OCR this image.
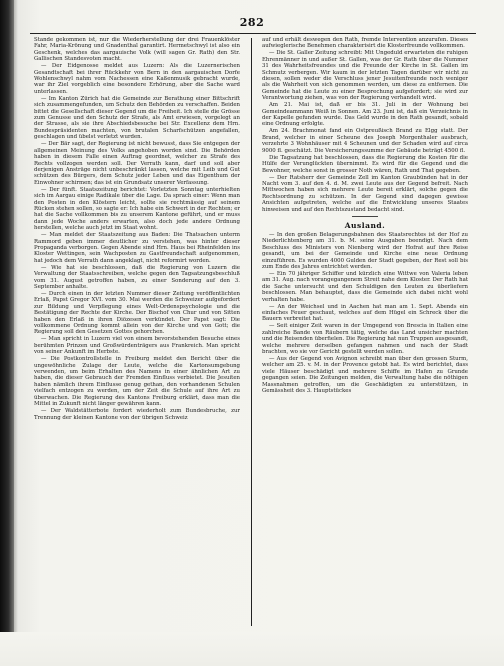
282

Stande gekommen ist, nur die Wiederherstellung der drei Frauenklöster Fahr, Maria-Krönung und Gnadenthal garantirt. Hermetschwyl ist also ein Geschenk, welches das aargauische Volk (will sagen Gr. Rath) den Str. Gallischen Standesvoten macht.

— Der Eidgenosse meldet aus Luzern: Als die Luzernerischen Gesandtschaft bei ihrer Rückkehr von Bern in den aargauischen Dorfe Wohlenschwyl nahm vom Nachessen eine Kaßenmusik gebracht wurde, war ihr Ziel vorgeblich eine besondere Erhörung, aber die Sache ward unterlassen.

— Im Kanton Zürich hat die Gemeinde zur Berathung einer Bittschrift sich zusammengefunden, um Schutz den Behörden zu verschaffen. Beiden bittet die Gesellschaft dieser Gegend um die Freiheit. Ich stelle die Grösse zum Genusse und den Schutz der Strafe, als Amt erwiesen, vorgelegt an der Strasse, als sie ihre Abschiedsbesuche bei Str. Excellenz dem Hrn. Bundespräsidenten machten, von brutalen Scharfschützen angefallen, geschlagen und übelst verletzt wurden.

— Der Bär sagt, der Regierung ist nicht bewusst, dass Sie entgegen der allgemeinen Meinung des Volks angehoben worden sind. Die Behörden haben in diesem Falle einen Auftrag geordnet, welcher zu Strafe des Rechts vollzogen werden soll. Der Verrath kann, darf und soll aber derjenigen Ansträge nicht unbeschränkt lassen, welche mit Leib und Gut schützen des Bürgers, dem Schutz jeder Leben und das Eigenthum der Einwohner schirmen; das ist ein Grundsatz unserer Verfassung.

— Der fünft. Staatszeitung berichtet: Vorletzten Sonntag unterhielten sich im Aargau einige Radikale über die Lage. Da sprach einer: Wenn man den Posten in den Klöstern leicht, sollte sie rechtmässig auf seinem Rücken stehen sollen, so sagte er: Ich habe ein Schwert in der Rechten; er hat die Sache vollkommen bis zu unserem Kantone geführt, und er muss dann jede Woche anders erwarten, also doch jede andere Ordnung herstellen, welche auch jetzt im Staat wohnt.

— Man meldet der Staatszeitung aus Baden: Die Thatsachen unterm Rammord geben immer deutlicher zu verstehen, was hinter dieser Propaganda verborgen. Gegen Abende sind Hrn. Haus bei Rheinfelden ins Kloster Wettingen, sein Wachposten zu Gastfreundschaft aufgenommen, hat jedoch dem Verrath dann angeklagt, nicht reformirt worden.

— Wie hat sie beschlossen, daß die Regierung von Luzern die Verwaltung der Staatsschreiben, welche gegen den Tagsatzungsbeschluß vom 31. August getroffen haben, zu einer Sonderung auf den 3. September anhalte.

— Durch einen in der letzten Nummer dieser Zeitung veröffentlichten Erlaß, Papst Gregor XVI. vom 30. Mai werden die Schweizer aufgefordert zur Bildung und Verpflegung eines Welt-Ordenspsychologie und die Bestätigung der Rechte der Kirche. Der Bischof von Chur und von Sitten haben den Erlaß in ihren Diözesen verkündet. Der Papst sagt: Die vollkommene Ordnung kommt allein von der Kirche und von Gott; die Regierung soll den Gesetzen Gottes gehorchen.

— Man spricht in Luzern viel von einem bevorstehenden Besuche eines berühmten Prinzen und Großwürdenträgers aus Frankreich. Man spricht von seiner Ankunft im Herbste.

— Die Postkontrollstelle in Freiburg meldet den Bericht über die ungewöhnliche Zulage der Leute, welche die Kartonsumgebung verwenden, um beim Erhalten des Namens in einer ähnlichen Art zu haben, die dieser Gebrauch der Fremden Einfluss verbietet. Die Jesuiten haben nämlich ihrem Einflusse genug gethan, den vorhandenen Schulen vielfach entzogen zu werden, um der Zeit die Schule auf ihre Art zu überwachen. Die Regierung des Kantons Freiburg erklärt, dass man die Mittel in Zukunft nicht länger gewähren kann.

— Der Waldstätterbote fordert wiederholt zum Bundesbruche, zur Trennung der kleinen Kantone von der übrigen Schweiz

auf und erhält deswegen den Rath, fremde Intervention anzurufen. Dieses aufwieglerische Benehmen charakterisirt die Klosterfreunde vollkommen.

— Die St. Galler Zeitung schreibt: Mit Ungeduld erwarteten die ruhigen Ehrenmänner in und außer St. Gallen, was der Gr. Rath über die Nummer 31 des Wahrheitsfreundes und die Freunde der Kirche in St. Gallen im Schmutz verbergen. Wir kaum in der letzten Tagen darüber wir nicht zu diesen, sollen weder die Verschluss jener Jesuitenfreunde noch weniger als die Wahrheit von sich genommen werden, um diese zu entfernen. Die Gemeinde hat die Leute zu einer Besprechung aufgefordert; sie wird zur Verantwortung ziehen, was von der Regierung verhandelt wird.

Am 21. Mai ist, daß er bis 31. Juli in der Wohnung bei Gemeindeammann Weiß in Sonnen. Am 23. Juni ist, daß ein Verzeichnis in der Kapelle gefunden wurde. Das Geld wurde in den Rath gesandt, sobald eine Ordnung erfolgte.

Am 24. Brachmonat fand ein Ostpreußisch Brand zu Elgg statt. Der Brand, welcher in einer Scheune des Joseph Morgenthaler ausbrach, verzehrte 3 Wohnhäuser mit 4 Scheunen und der Schaden wird auf circa 9000 fl. geschätzt. Die Versicherungssumme der Gebäude beträgt 4500 fl.

Die Tagsatzung hat beschlossen, dass die Regierung die Kosten für die Hülfe der Verunglückten übernimmt. Es wird für die Gegend und die Bewohner, welche sonst in grosser Noth wären, Rath und That gegeben.

— Der Ratsherr der Gemeinde Zell im Kanton Graubünden hat in der Nacht vom 3. auf den 4. d. M. zwei Leute aus der Gegend befreit. Nach Mittwochen haben sich mehrere Leute bereit erklärt, solche gegen die Rechtsordnung zu schützen. In der Gegend sind dagegen gewisse Ansichten aufgetreten, welche auf die Entwicklung unseres Staates hinweisen und auf den Rechtszustand bedacht sind.

Ausland.

— In den großen Belagerungsbahnen des Staatsrechtes ist der Hof zu Niederlichtenberg am 31. b. M. seine Ausgaben beendigt. Nach dem Beschluss des Ministers von Nienberg wird der Hofrat auf ihre Reise gesandt, um bei der Gemeinde und Kirche eine neue Ordnung einzuführen. Es wurden 4000 Gulden der Stadt gegeben, der Rest soll bis zum Ende des Jahres entrichtet werden.

— Ein 70 jähriger Schiffer und kürzlich eine Wittwe von Valeria leben am 31. Aug. nach vorangegangenem Streit nahe dem Kloster. Der Rath hat die Sache untersucht und den Schuldigen den Leuten zu überliefern beschlossen. Man behauptet, dass die Gemeinde sich dabei nicht wohl verhalten habe.

— An der Weichsel und in Aachen hat man am 1. Sept. Abends ein einfaches Feuer geschaut, welches auf dem Hügel ein Schreck über die Bauern verbreitet hat.

— Seit einiger Zeit waren in der Umgegend von Brescia in Italien eine zahlreiche Bande von Räubern tätig, welche das Land unsicher machten und die Reisenden überfielen. Die Regierung hat nun Truppen ausgesandt, welche mehrere derselben gefangen nahmen und nach der Stadt brachten, wo sie vor Gericht gestellt werden sollen.

— Aus der Gegend von Avignon schreibt man über den grossen Sturm, welcher am 25. v. M. in der Provence getobt hat. Es wird berichtet, dass viele Häuser beschädigt und mehrere Schiffe im Hafen zu Grunde gegangen seien. Die Zeitungen melden, die Verwaltung habe die nöthigen Massnahmen getroffen, um die Geschädigten zu unterstützen, in Gemässheit des 3. Hauptstückes
